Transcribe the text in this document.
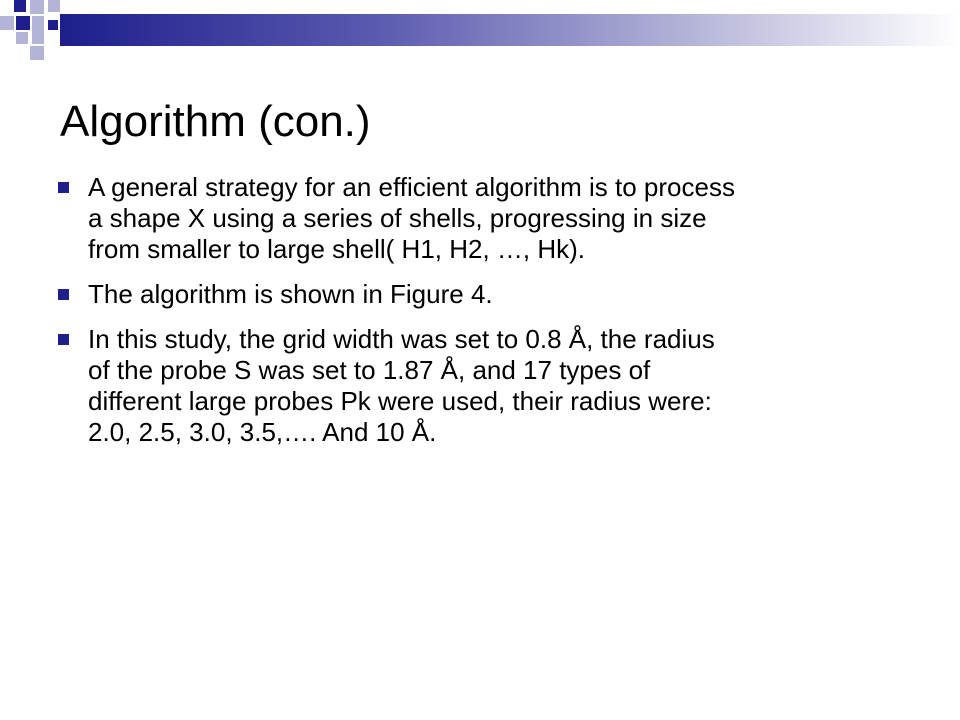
Algorithm (con.)
A general strategy for an efficient algorithm is to process
a shape X using a series of shells, progressing in size
from smaller to large shell( H1, H2, …, Hk).
The algorithm is shown in Figure 4.
In this study, the grid width was set to 0.8 Å, the radius
of the probe S was set to 1.87 Å, and 17 types of
different large probes Pk were used, their radius were:
2.0, 2.5, 3.0, 3.5,…. And 10 Å.
